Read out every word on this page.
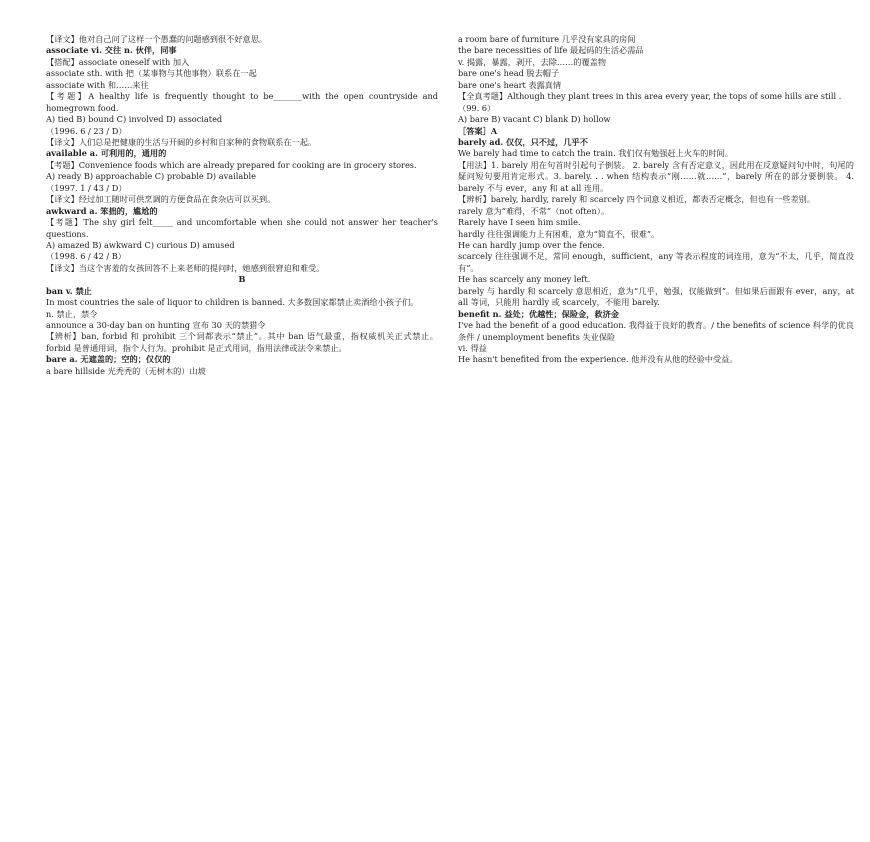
【译文】他对自己问了这样一个愚蠢的问题感到很不好意思。
associate vi. 交往 n. 伙伴，同事
【搭配】associate oneself with 加入
associate sth. with 把（某事物与其他事物）联系在一起
associate with 和……来往
【考题】A healthy life is frequently thought to be_______with the open countryside and homegrown food.
A) tied B) bound C) involved D) associated
（1996. 6 / 23 / D）
【译文】人们总是把健康的生活与开阔的乡村和自家种的食物联系在一起。
available a. 可利用的，通用的
【考题】Convenience foods which are already prepared for cooking are in grocery stores.
A) ready B) approachable C) probable D) available
（1997. 1 / 43 / D）
【译文】经过加工随时可供烹调的方便食品在食杂店可以买到。
awkward a. 笨拙的，尴尬的
【考题】The shy girl felt_____ and uncomfortable when she could not answer her teacher's questions.
A) amazed B) awkward C) curious D) amused
（1998. 6 / 42 / B）
【译文】当这个害羞的女孩回答不上来老师的提问时，她感到很窘迫和难受。
B
ban v. 禁止
In most countries the sale of liquor to children is banned. 大多数国家都禁止卖酒给小孩子们。
n. 禁止，禁令
announce a 30-day ban on hunting 宣布 30 天的禁猎令
【辨析】ban, forbid 和 prohibit 三个词都表示“禁止”。其中 ban 语气最重，指权威机关正式禁止。forbid 是普通用词，指个人行为。prohibit 是正式用词，指用法律或法令来禁止。
bare a. 无遮盖的；空的；仅仅的
a bare hillside 光秃秃的（无树木的）山坡
a room bare of furniture 几乎没有家具的房间
the bare necessities of life 最起码的生活必需品
v. 揭露，暴露，剥开，去除……的覆盖物
bare one's head 脱去帽子
bare one's heart 表露真情
【全真考题】Although they plant trees in this area every year, the tops of some hills are still .
（99. 6）
A) bare B) vacant C) blank D) hollow
［答案］A
barely ad. 仅仅，只不过，几乎不
We barely had time to catch the train. 我们仅有勉强赶上火车的时间。
【用法】1. barely 用在句首时引起句子倒装。 2. barely 含有否定意义，因此用在反意疑问句中时，句尾的疑问短句要用肯定形式。3. barely. . . when 结构表示“刚……就……”，barely 所在的部分要倒装。 4. barely 不与 ever，any 和 at all 连用。
【辨析】barely, hardly, rarely 和 scarcely 四个词意义相近，都表否定概念，但也有一些差别。
rarely 意为“难得，不常”（not often）。
Rarely have I seen him smile.
hardly 往往强调能力上有困难，意为“简直不，很难”。
He can hardly jump over the fence.
scarcely 往往强调不足，常同 enough，sufficient，any 等表示程度的词连用，意为“不太，几乎，简直没有”。
He has scarcely any money left.
barely 与 hardly 和 scarcely 意思相近，意为“几乎，勉强，仅能做到”。但如果后面跟有 ever，any，at all 等词，只能用 hardly 或 scarcely，不能用 barely.
benefit n. 益处；优越性；保险金，救济金
I've had the benefit of a good education. 我得益于良好的教育。/ the benefits of science 科学的优良条件 / unemployment benefits 失业保险
vi. 得益
He hasn't benefited from the experience. 他并没有从他的经验中受益。
